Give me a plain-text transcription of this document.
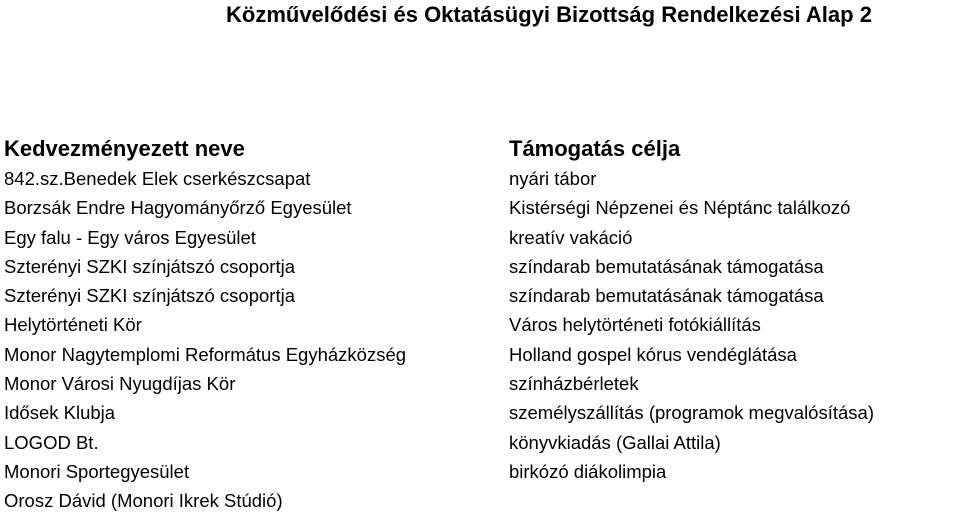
Közművelődési és Oktatásügyi Bizottság Rendelkezési Alap 2
Kedvezményezett neve	Támogatás célja
842.sz.Benedek Elek cserkészcsapat	nyári tábor
Borzsák Endre Hagyományőrző Egyesület	Kistérségi Népzenei és Néptánc találkozó
Egy falu - Egy város Egyesület	kreatív vakáció
Szterényi SZKI színjátszó csoportja	színdarab bemutatásának támogatása
Szterényi SZKI színjátszó csoportja	színdarab bemutatásának támogatása
Helytörténeti Kör	Város helytörténeti fotókiállítás
Monor Nagytemplomi Református Egyházközség	Holland gospel kórus vendéglátása
Monor Városi Nyugdíjas Kör	színházbérletek
Idősek Klubja	személyszállítás (programok megvalósítása)
LOGOD Bt.	könyvkiadás (Gallai Attila)
Monori Sportegyesület	birkózó diákolimpia
Orosz Dávid (Monori Ikrek Stúdió)
